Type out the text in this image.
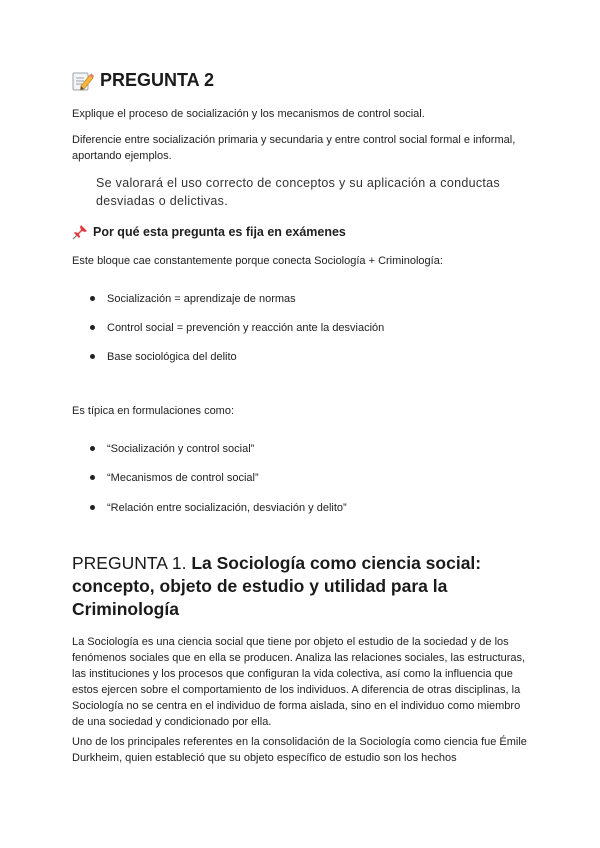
PREGUNTA 2
Explique el proceso de socialización y los mecanismos de control social.
Diferencie entre socialización primaria y secundaria y entre control social formal e informal, aportando ejemplos.
Se valorará el uso correcto de conceptos y su aplicación a conductas desviadas o delictivas.
Por qué esta pregunta es fija en exámenes
Este bloque cae constantemente porque conecta Sociología + Criminología:
Socialización = aprendizaje de normas
Control social = prevención y reacción ante la desviación
Base sociológica del delito
Es típica en formulaciones como:
“Socialización y control social”
“Mecanismos de control social”
“Relación entre socialización, desviación y delito”
PREGUNTA 1. La Sociología como ciencia social: concepto, objeto de estudio y utilidad para la Criminología
La Sociología es una ciencia social que tiene por objeto el estudio de la sociedad y de los fenómenos sociales que en ella se producen. Analiza las relaciones sociales, las estructuras, las instituciones y los procesos que configuran la vida colectiva, así como la influencia que estos ejercen sobre el comportamiento de los individuos. A diferencia de otras disciplinas, la Sociología no se centra en el individuo de forma aislada, sino en el individuo como miembro de una sociedad y condicionado por ella.
Uno de los principales referentes en la consolidación de la Sociología como ciencia fue Émile Durkheim, quien estableció que su objeto específico de estudio son los hechos
